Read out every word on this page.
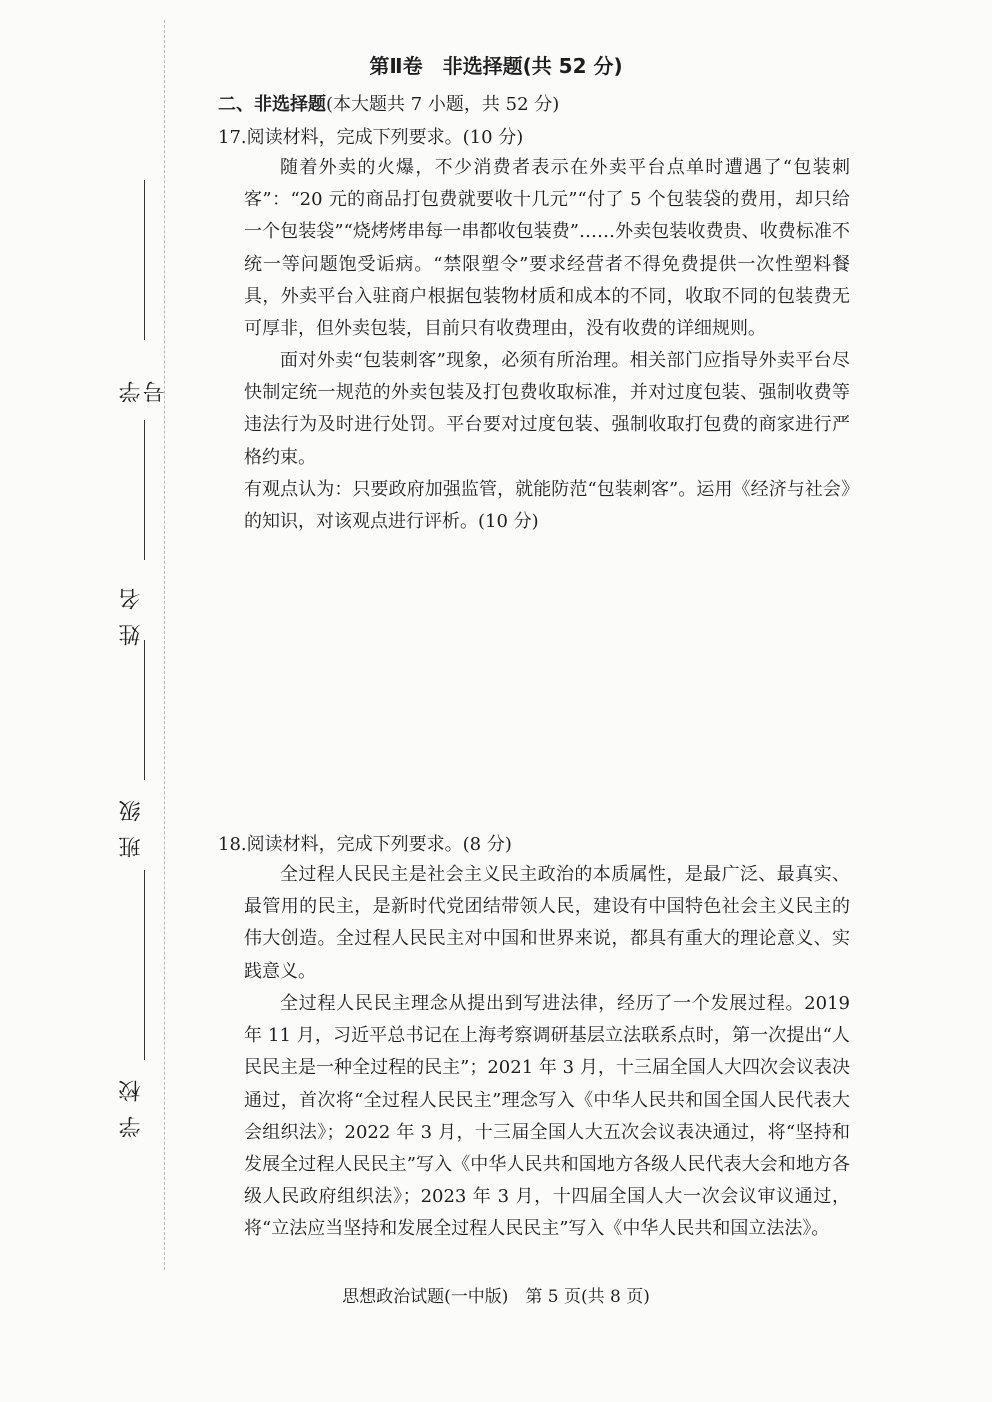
学号
姓名
班级
学校
第Ⅱ卷　非选择题(共 52 分)
二、非选择题(本大题共 7 小题，共 52 分)
17.阅读材料，完成下列要求。(10 分)

随着外卖的火爆，不少消费者表示在外卖平台点单时遭遇了“包装刺客”：“20 元的商品打包费就要收十几元”“付了 5 个包装袋的费用，却只给一个包装袋”“烧烤烤串每一串都收包装费”……外卖包装收费贵、收费标准不统一等问题饱受诟病。“禁限塑令”要求经营者不得免费提供一次性塑料餐具，外卖平台入驻商户根据包装物材质和成本的不同，收取不同的包装费无可厚非，但外卖包装，目前只有收费理由，没有收费的详细规则。

面对外卖“包装刺客”现象，必须有所治理。相关部门应指导外卖平台尽快制定统一规范的外卖包装及打包费收取标准，并对过度包装、强制收费等违法行为及时进行处罚。平台要对过度包装、强制收取打包费的商家进行严格约束。

有观点认为：只要政府加强监管，就能防范“包装刺客”。运用《经济与社会》的知识，对该观点进行评析。(10 分)

18.阅读材料，完成下列要求。(8 分)

全过程人民民主是社会主义民主政治的本质属性，是最广泛、最真实、最管用的民主，是新时代党团结带领人民，建设有中国特色社会主义民主的伟大创造。全过程人民民主对中国和世界来说，都具有重大的理论意义、实践意义。

全过程人民民主理念从提出到写进法律，经历了一个发展过程。2019 年 11 月，习近平总书记在上海考察调研基层立法联系点时，第一次提出“人民民主是一种全过程的民主”；2021 年 3 月，十三届全国人大四次会议表决通过，首次将“全过程人民民主”理念写入《中华人民共和国全国人民代表大会组织法》；2022 年 3 月，十三届全国人大五次会议表决通过，将“坚持和发展全过程人民民主”写入《中华人民共和国地方各级人民代表大会和地方各级人民政府组织法》；2023 年 3 月，十四届全国人大一次会议审议通过，将“立法应当坚持和发展全过程人民民主”写入《中华人民共和国立法法》。

思想政治试题(一中版)　第 5 页(共 8 页)
